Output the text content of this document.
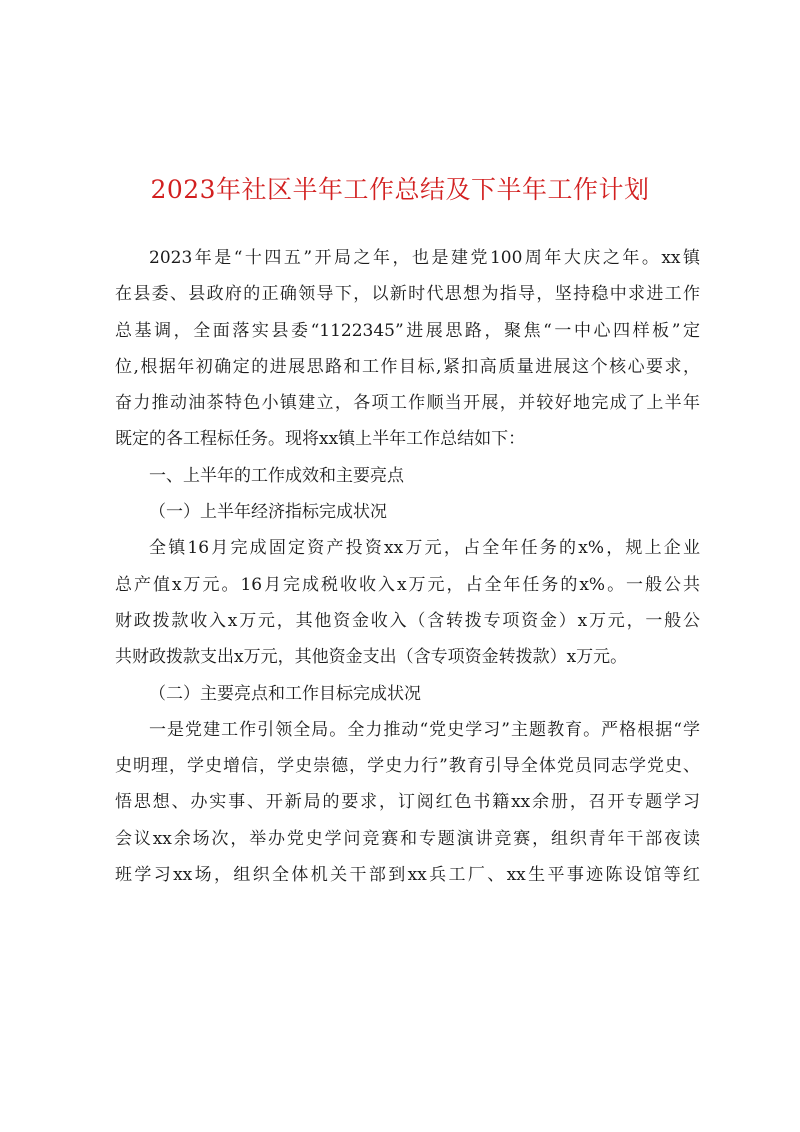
2023年社区半年工作总结及下半年工作计划
2023年是“十四五”开局之年，也是建党100周年大庆之年。xx镇
在县委、县政府的正确领导下，以新时代思想为指导，坚持稳中求进工作
总基调，全面落实县委“1122345”进展思路，聚焦“一中心四样板”定
位,根据年初确定的进展思路和工作目标,紧扣高质量进展这个核心要求，
奋力推动油茶特色小镇建立，各项工作顺当开展，并较好地完成了上半年
既定的各工程标任务。现将xx镇上半年工作总结如下：
一、上半年的工作成效和主要亮点
（一）上半年经济指标完成状况
全镇16月完成固定资产投资xx万元，占全年任务的x%，规上企业
总产值x万元。16月完成税收收入x万元，占全年任务的x%。一般公共
财政拨款收入x万元，其他资金收入（含转拨专项资金）x万元，一般公
共财政拨款支出x万元，其他资金支出（含专项资金转拨款）x万元。
（二）主要亮点和工作目标完成状况
一是党建工作引领全局。全力推动“党史学习”主题教育。严格根据“学
史明理，学史增信，学史崇德，学史力行”教育引导全体党员同志学党史、
悟思想、办实事、开新局的要求，订阅红色书籍xx余册，召开专题学习
会议xx余场次，举办党史学问竞赛和专题演讲竞赛，组织青年干部夜读
班学习xx场，组织全体机关干部到xx兵工厂、xx生平事迹陈设馆等红
